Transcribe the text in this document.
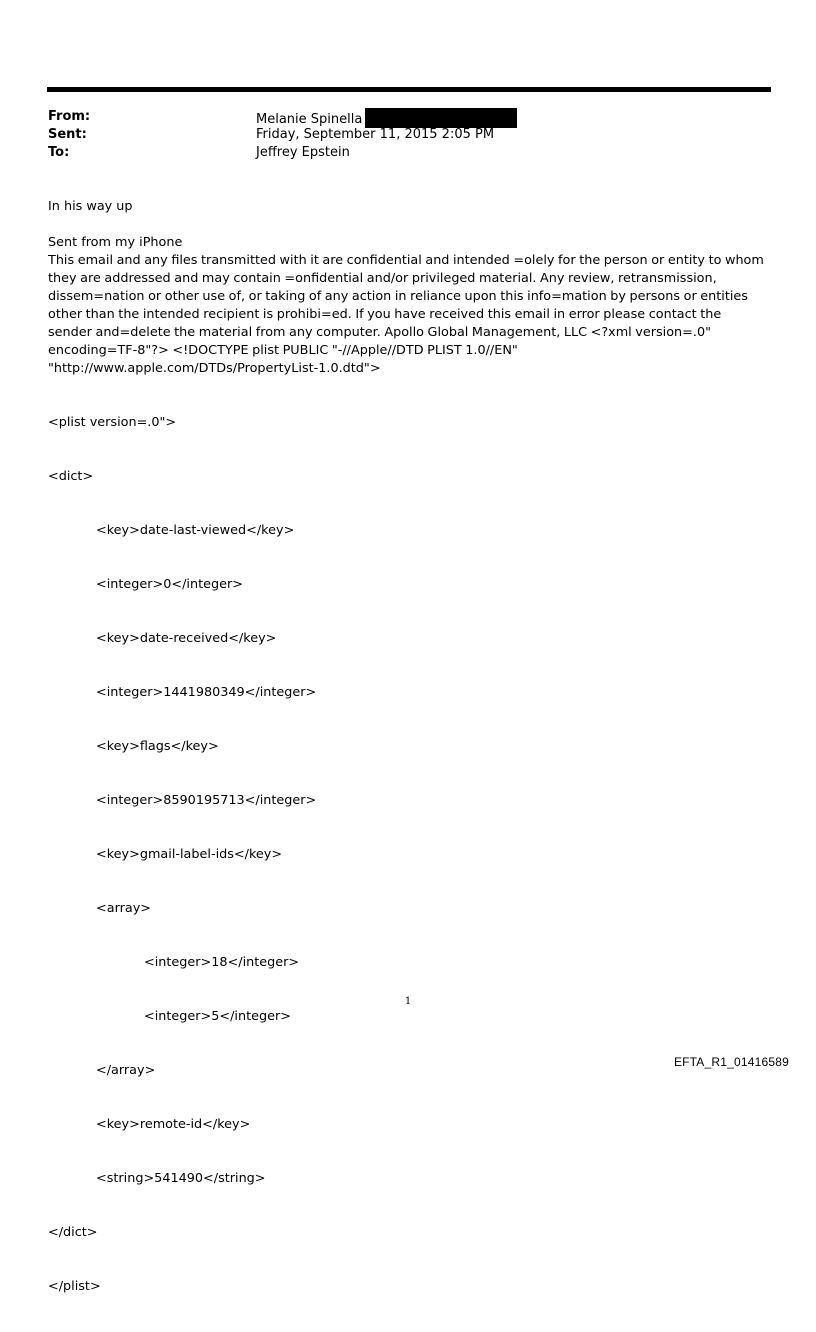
From:	Melanie Spinella
Sent:	Friday, September 11, 2015 2:05 PM
To:	Jeffrey Epstein

In his way up

Sent from my iPhone

This email and any files transmitted with it are confidential and intended =olely for the person or entity to whom they are addressed and may contain =onfidential and/or privileged material. Any review, retransmission, dissem=nation or other use of, or taking of any action in reliance upon this info=mation by persons or entities other than the intended recipient is prohibi=ed. If you have received this email in error please contact the sender and=delete the material from any computer. Apollo Global Management, LLC <?xml version=.0" encoding=TF-8"?> <!DOCTYPE plist PUBLIC "-//Apple//DTD PLIST 1.0//EN" "http://www.apple.com/DTDs/PropertyList-1.0.dtd">

<plist version=.0">

<dict>

<key>date-last-viewed</key>

<integer>0</integer>

<key>date-received</key>

<integer>1441980349</integer>

<key>flags</key>

<integer>8590195713</integer>

<key>gmail-label-ids</key>

<array>

<integer>18</integer>

<integer>5</integer>

</array>

<key>remote-id</key>

<string>541490</string>

</dict>

</plist>

1
EFTA_R1_01416589
